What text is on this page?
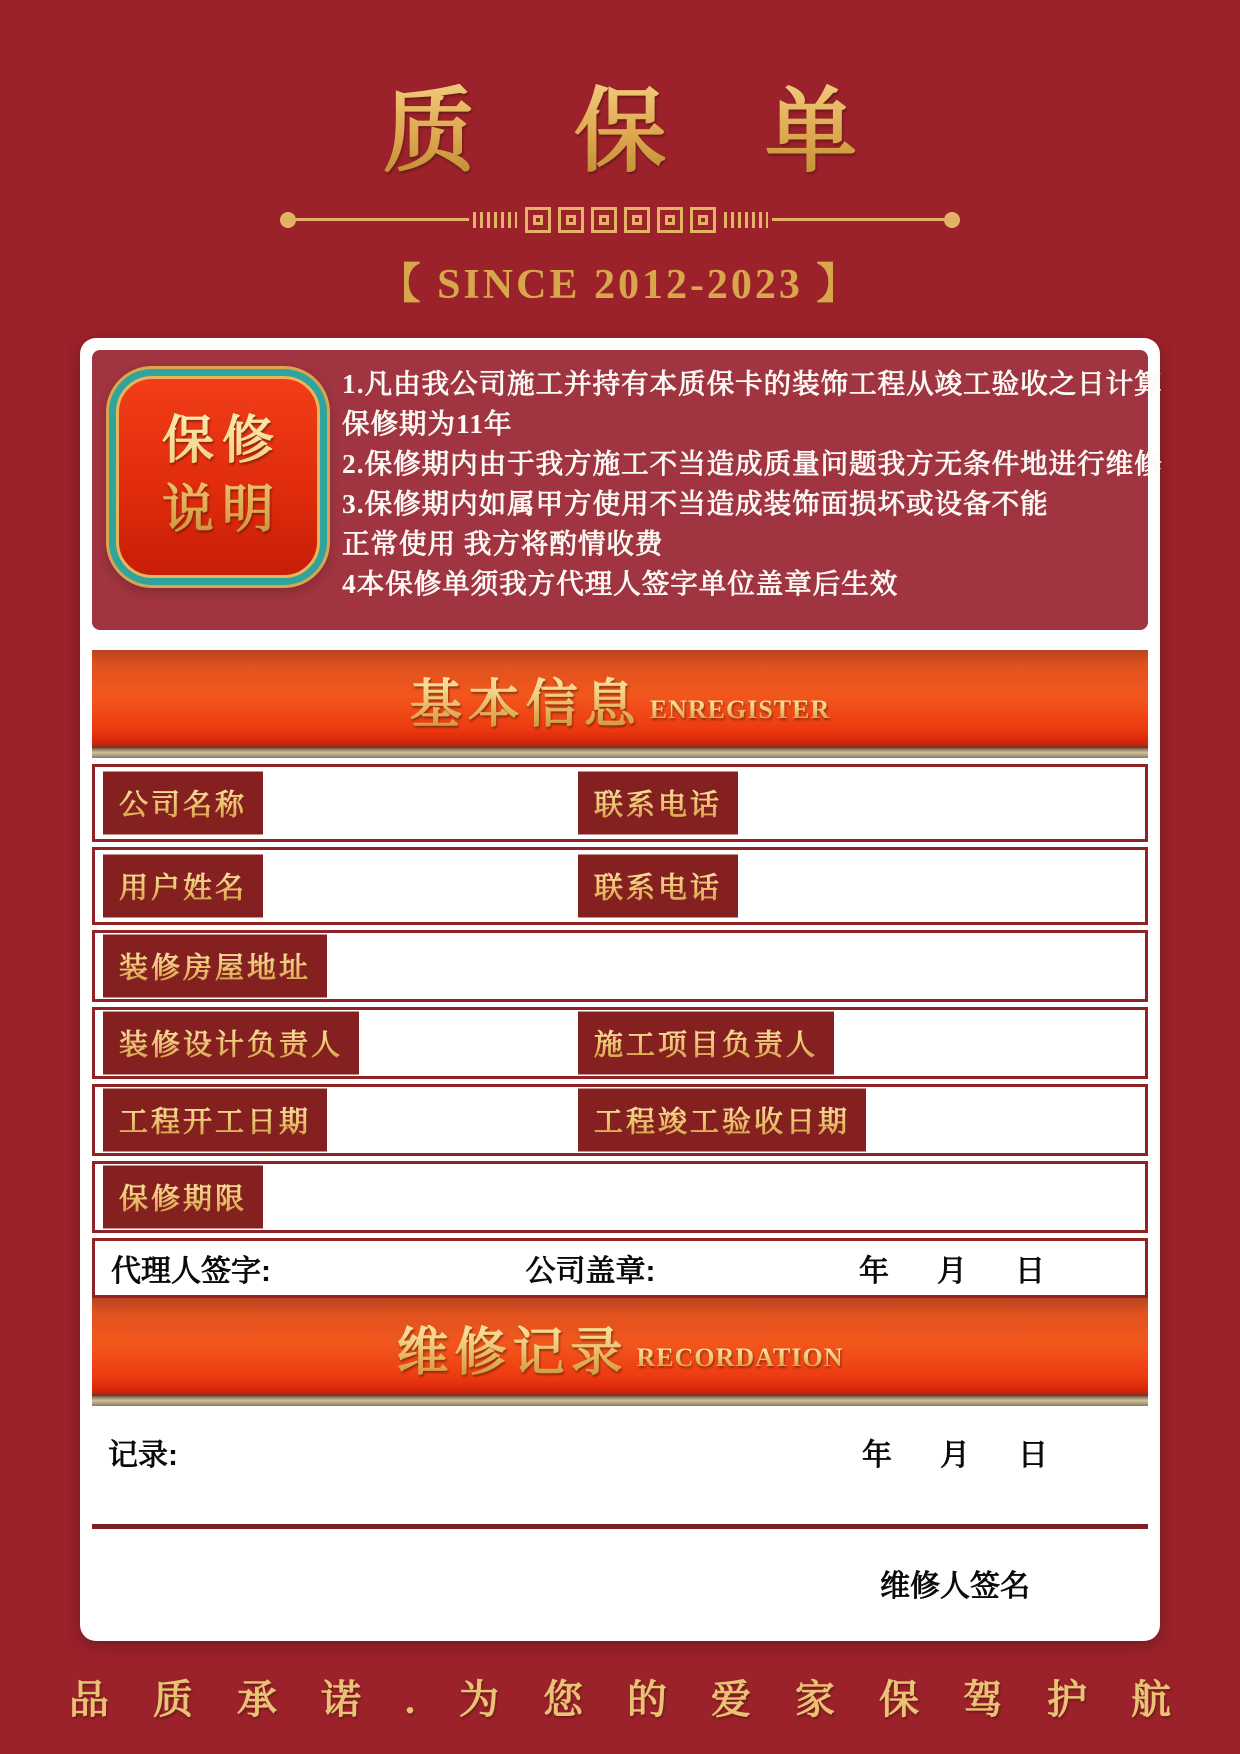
质 保 单
【 SINCE 2012-2023 】
保修
说明

1.凡由我公司施工并持有本质保卡的装饰工程从竣工验收之日计算

保修期为11年

2.保修期内由于我方施工不当造成质量问题我方无条件地进行维修

3.保修期内如属甲方使用不当造成装饰面损坏或设备不能

正常使用 我方将酌情收费

4本保修单须我方代理人签字单位盖章后生效

基本信息 ENREGISTER
公司名称	联系电话
用户姓名	联系电话
装修房屋地址
装修设计负责人	施工项目负责人
工程开工日期	工程竣工验收日期
保修期限
代理人签字:	公司盖章:	年 月 日
维修记录 RECORDATION
记录:	年 月 日
维修人签名
品质承诺.为您的爱家保驾护航
